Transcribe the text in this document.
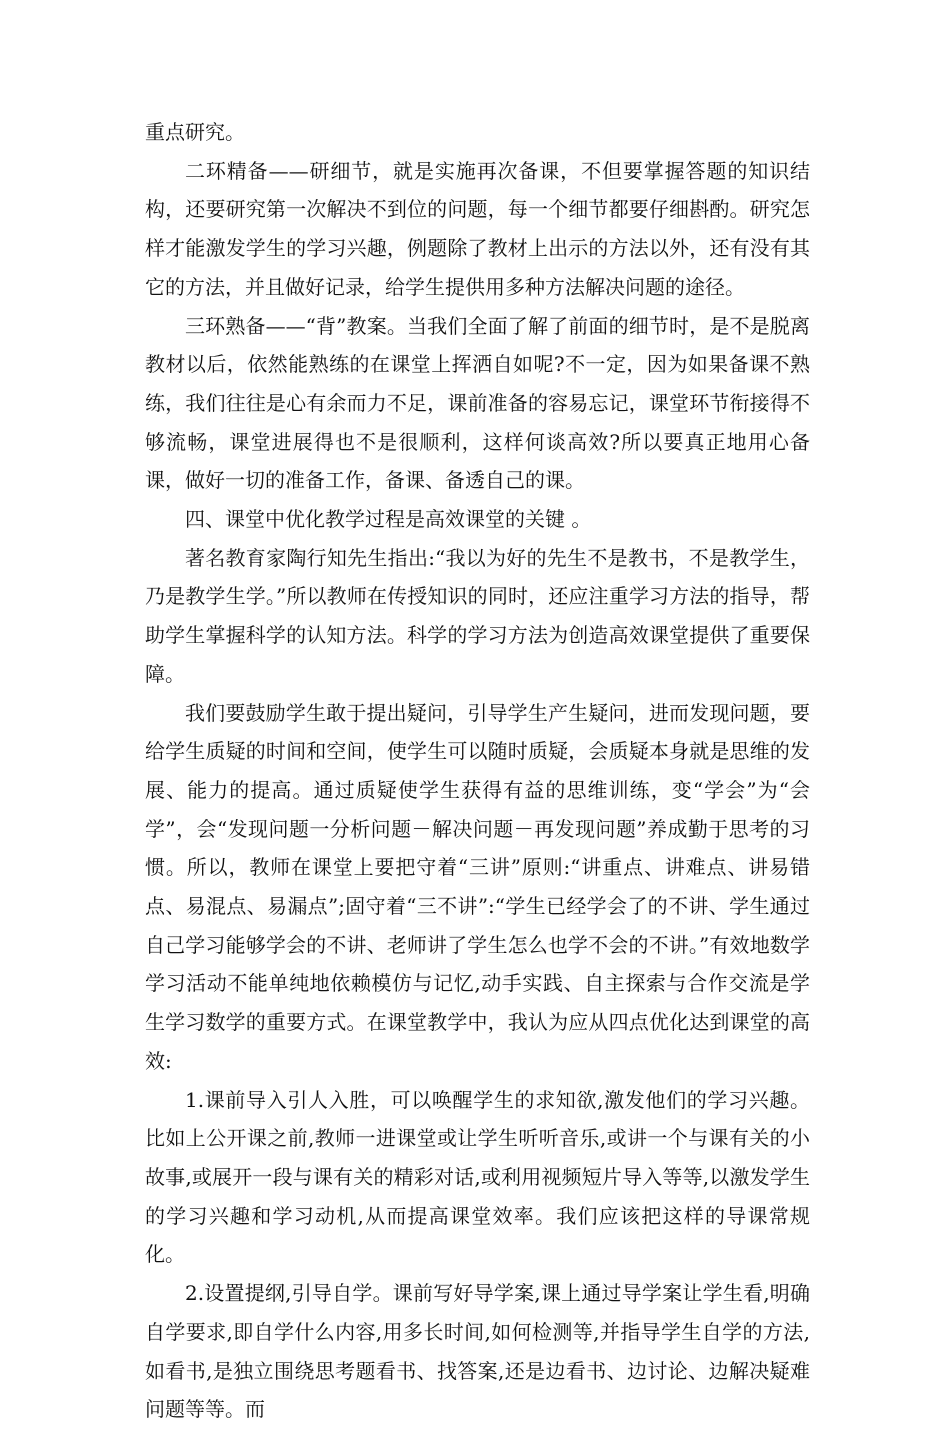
重点研究。

二环精备——研细节，就是实施再次备课，不但要掌握答题的知识结构，还要研究第一次解决不到位的问题，每一个细节都要仔细斟酌。研究怎样才能激发学生的学习兴趣，例题除了教材上出示的方法以外，还有没有其它的方法，并且做好记录，给学生提供用多种方法解决问题的途径。

三环熟备——“背”教案。当我们全面了解了前面的细节时，是不是脱离教材以后，依然能熟练的在课堂上挥洒自如呢?不一定，因为如果备课不熟练，我们往往是心有余而力不足，课前准备的容易忘记，课堂环节衔接得不够流畅，课堂进展得也不是很顺利，这样何谈高效?所以要真正地用心备课，做好一切的准备工作，备课、备透自己的课。

四、课堂中优化教学过程是高效课堂的关键 。

著名教育家陶行知先生指出:“我以为好的先生不是教书，不是教学生，乃是教学生学。”所以教师在传授知识的同时，还应注重学习方法的指导，帮助学生掌握科学的认知方法。科学的学习方法为创造高效课堂提供了重要保障。

我们要鼓励学生敢于提出疑问，引导学生产生疑问，进而发现问题，要给学生质疑的时间和空间，使学生可以随时质疑，会质疑本身就是思维的发展、能力的提高。通过质疑使学生获得有益的思维训练，变“学会”为“会学”，会“发现问题一分析问题－解决问题－再发现问题”养成勤于思考的习惯。所以，教师在课堂上要把守着“三讲”原则:“讲重点、讲难点、讲易错点、易混点、易漏点”;固守着“三不讲”:“学生已经学会了的不讲、学生通过自己学习能够学会的不讲、老师讲了学生怎么也学不会的不讲。”有效地数学学习活动不能单纯地依赖模仿与记忆,动手实践、自主探索与合作交流是学生学习数学的重要方式。在课堂教学中，我认为应从四点优化达到课堂的高效:

1.课前导入引人入胜，可以唤醒学生的求知欲,激发他们的学习兴趣。比如上公开课之前,教师一进课堂或让学生听听音乐,或讲一个与课有关的小故事,或展开一段与课有关的精彩对话,或利用视频短片导入等等,以激发学生的学习兴趣和学习动机,从而提高课堂效率。我们应该把这样的导课常规化。

2.设置提纲,引导自学。课前写好导学案,课上通过导学案让学生看,明确自学要求,即自学什么内容,用多长时间,如何检测等,并指导学生自学的方法,如看书,是独立围绕思考题看书、找答案,还是边看书、边讨论、边解决疑难问题等等。而
